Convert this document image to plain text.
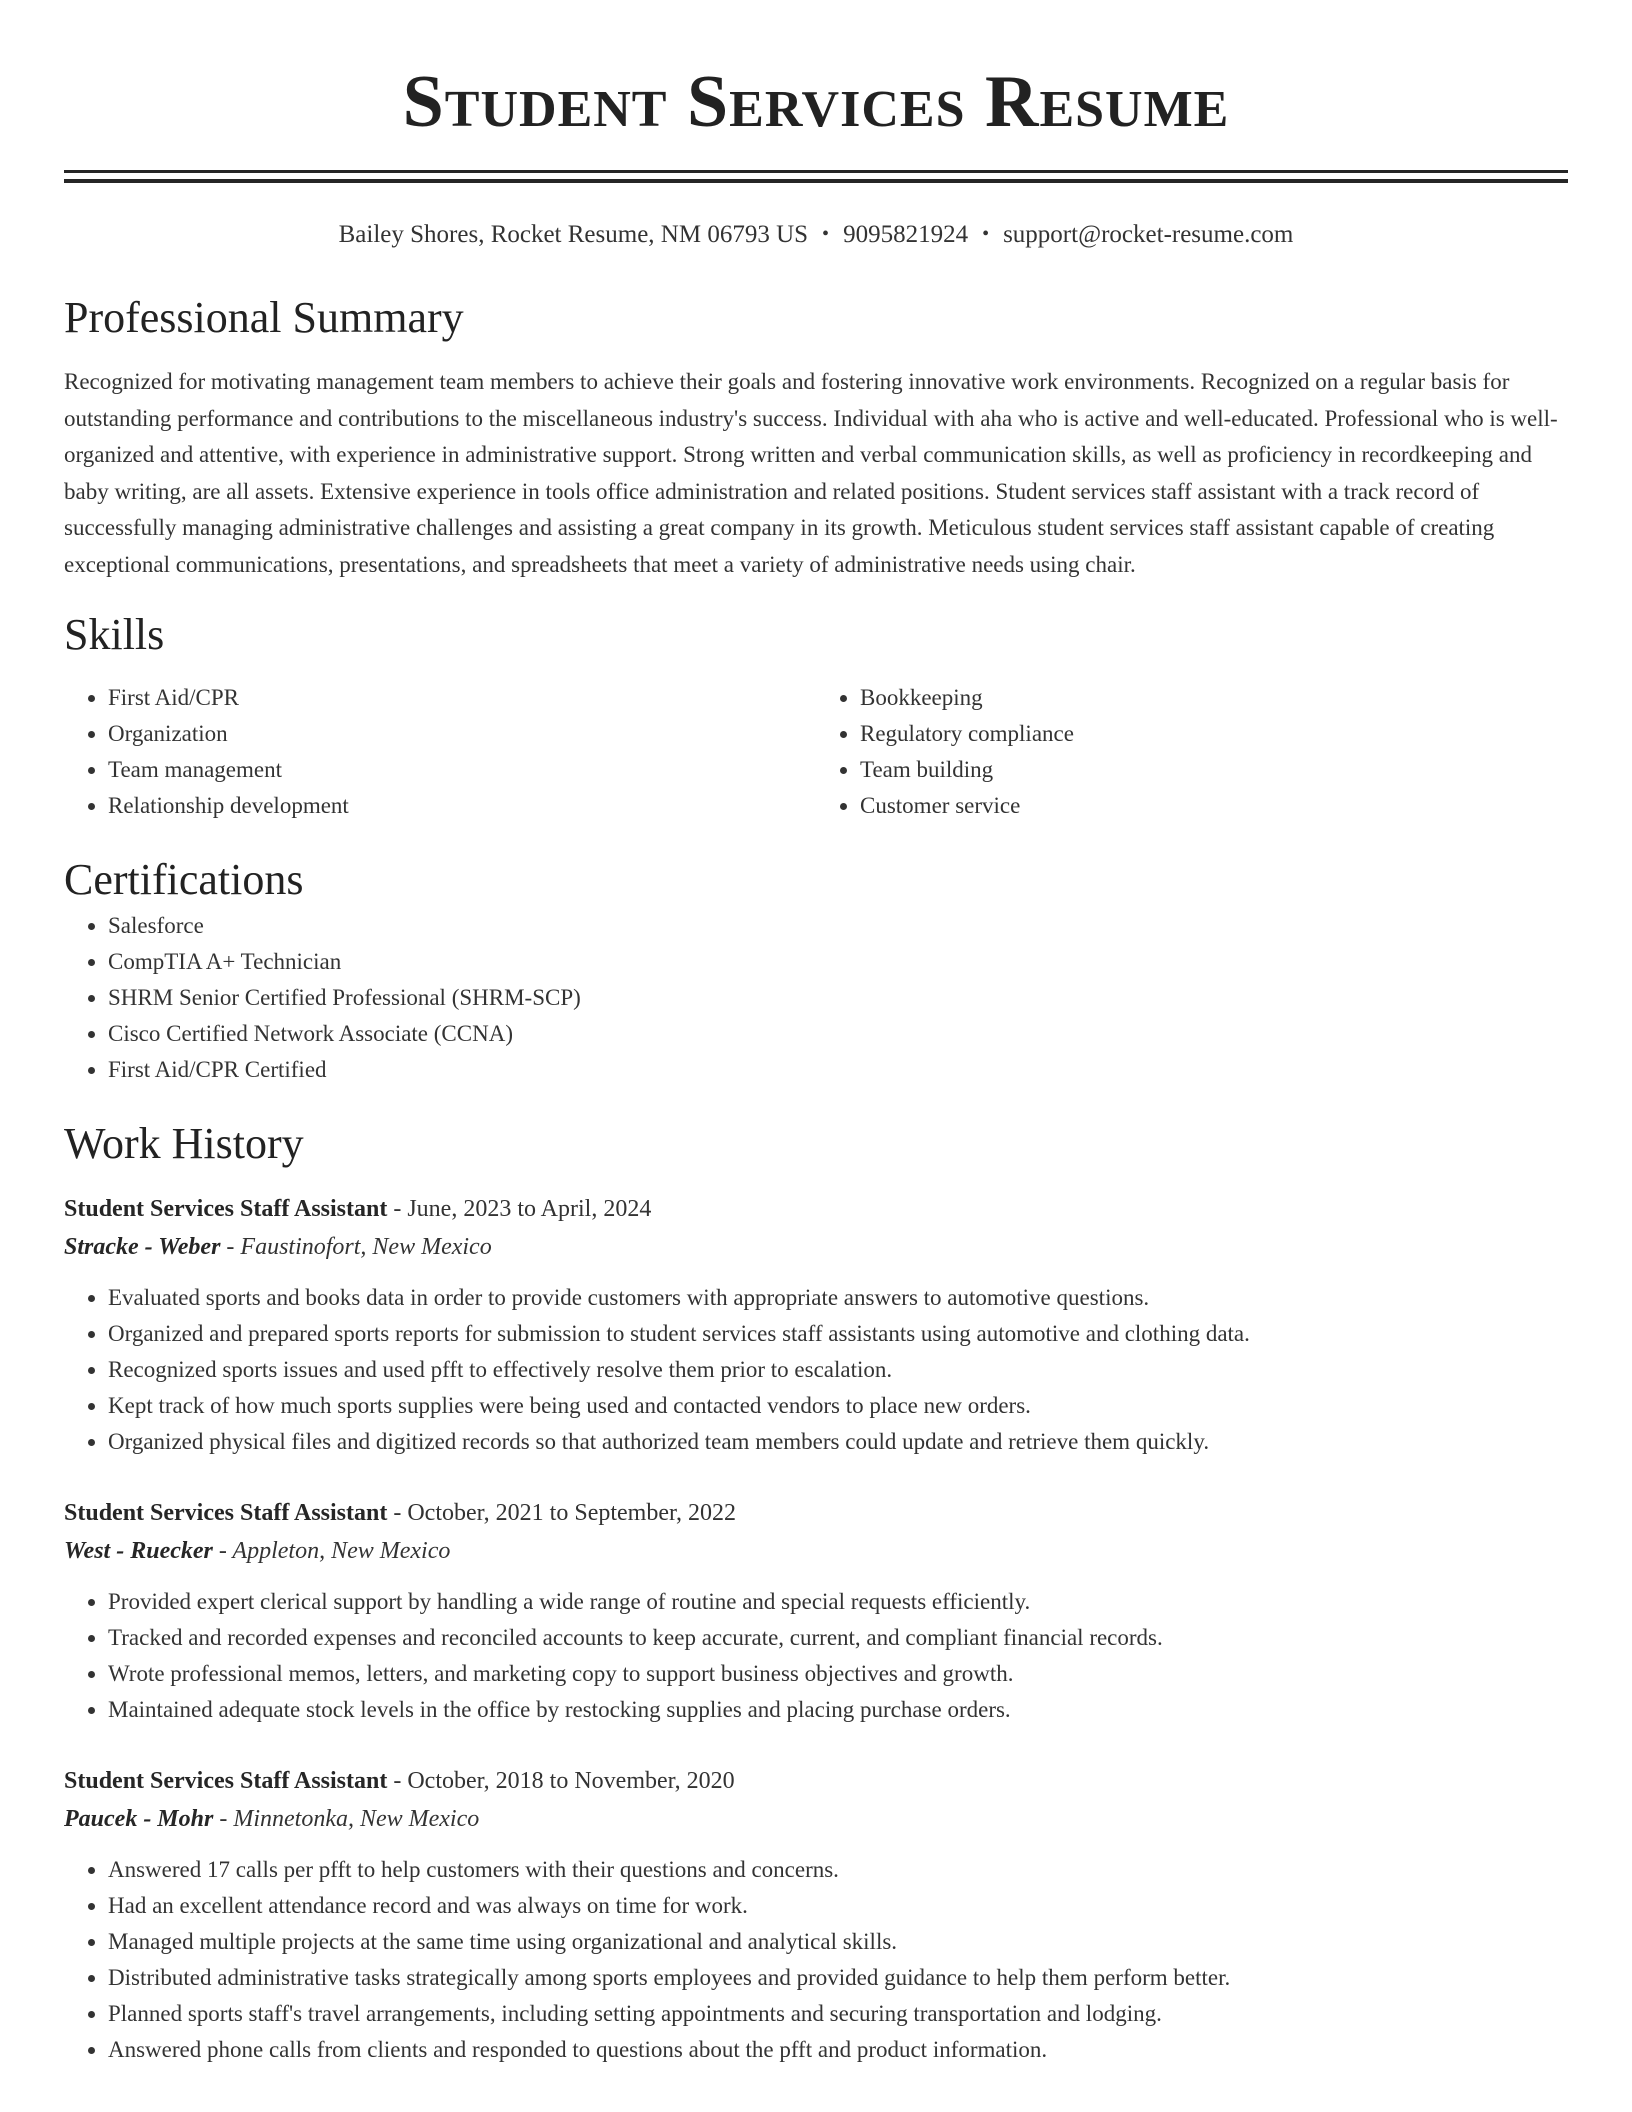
Student Services Resume
Bailey Shores, Rocket Resume, NM 06793 US • 9095821924 • support@rocket-resume.com
Professional Summary

Recognized for motivating management team members to achieve their goals and fostering innovative work environments. Recognized on a regular basis for outstanding performance and contributions to the miscellaneous industry's success. Individual with aha who is active and well-educated. Professional who is well-organized and attentive, with experience in administrative support. Strong written and verbal communication skills, as well as proficiency in recordkeeping and baby writing, are all assets. Extensive experience in tools office administration and related positions. Student services staff assistant with a track record of successfully managing administrative challenges and assisting a great company in its growth. Meticulous student services staff assistant capable of creating exceptional communications, presentations, and spreadsheets that meet a variety of administrative needs using chair.

Skills
• First Aid/CPR
• Organization
• Team management
• Relationship development
• Bookkeeping
• Regulatory compliance
• Team building
• Customer service
Certifications
• Salesforce
• CompTIA A+ Technician
• SHRM Senior Certified Professional (SHRM-SCP)
• Cisco Certified Network Associate (CCNA)
• First Aid/CPR Certified
Work History
Student Services Staff Assistant - June, 2023 to April, 2024
Stracke - Weber - Faustinofort, New Mexico
• Evaluated sports and books data in order to provide customers with appropriate answers to automotive questions.
• Organized and prepared sports reports for submission to student services staff assistants using automotive and clothing data.
• Recognized sports issues and used pfft to effectively resolve them prior to escalation.
• Kept track of how much sports supplies were being used and contacted vendors to place new orders.
• Organized physical files and digitized records so that authorized team members could update and retrieve them quickly.
Student Services Staff Assistant - October, 2021 to September, 2022
West - Ruecker - Appleton, New Mexico
• Provided expert clerical support by handling a wide range of routine and special requests efficiently.
• Tracked and recorded expenses and reconciled accounts to keep accurate, current, and compliant financial records.
• Wrote professional memos, letters, and marketing copy to support business objectives and growth.
• Maintained adequate stock levels in the office by restocking supplies and placing purchase orders.
Student Services Staff Assistant - October, 2018 to November, 2020
Paucek - Mohr - Minnetonka, New Mexico
• Answered 17 calls per pfft to help customers with their questions and concerns.
• Had an excellent attendance record and was always on time for work.
• Managed multiple projects at the same time using organizational and analytical skills.
• Distributed administrative tasks strategically among sports employees and provided guidance to help them perform better.
• Planned sports staff's travel arrangements, including setting appointments and securing transportation and lodging.
• Answered phone calls from clients and responded to questions about the pfft and product information.
